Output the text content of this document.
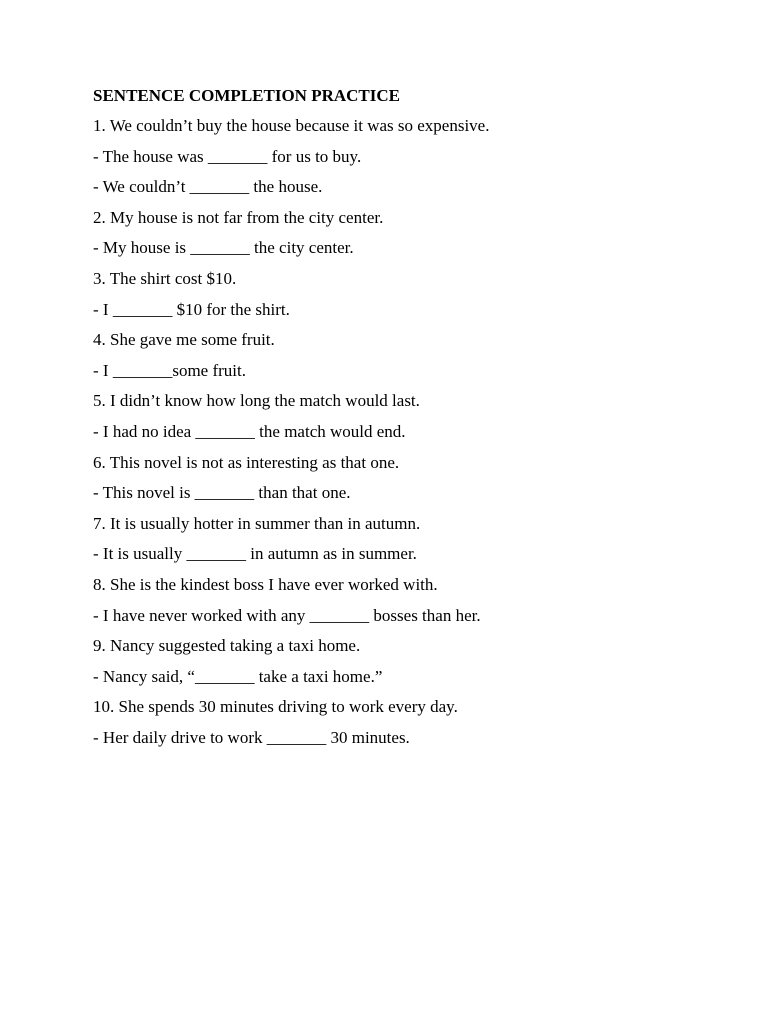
SENTENCE COMPLETION PRACTICE
1. We couldn’t buy the house because it was so expensive.
- The house was _______ for us to buy.
- We couldn’t _______ the house.
2. My house is not far from the city center.
- My house is _______ the city center.
3. The shirt cost $10.
- I _______ $10 for the shirt.
4. She gave me some fruit.
- I _______some fruit.
5. I didn’t know how long the match would last.
- I had no idea _______ the match would end.
6. This novel is not as interesting as that one.
- This novel is _______ than that one.
7. It is usually hotter in summer than in autumn.
- It is usually _______ in autumn as in summer.
8. She is the kindest boss I have ever worked with.
- I have never worked with any _______ bosses than her.
9. Nancy suggested taking a taxi home.
- Nancy said, “_______ take a taxi home.”
10. She spends 30 minutes driving to work every day.
- Her daily drive to work _______ 30 minutes.
